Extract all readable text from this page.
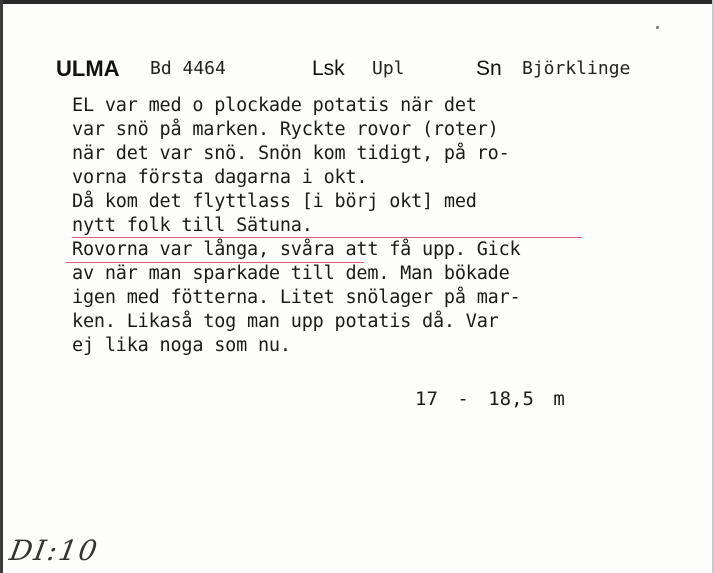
ULMA Bd 4464	Lsk Upl	Sn Björklinge
EL var med o plockade potatis när det
var snö på marken. Ryckte rovor (roter)
när det var snö. Snön kom tidigt, på ro-
vorna första dagarna i okt.
Då kom det flyttlass [i börj okt] med
nytt folk till Sätuna.
Rovorna var långa, svåra att få upp. Gick
av när man sparkade till dem. Man bökade
igen med fötterna. Litet snölager på mar-
ken. Likaså tog man upp potatis då. Var
ej lika noga som nu.
17 - 18,5 m
DI:10
